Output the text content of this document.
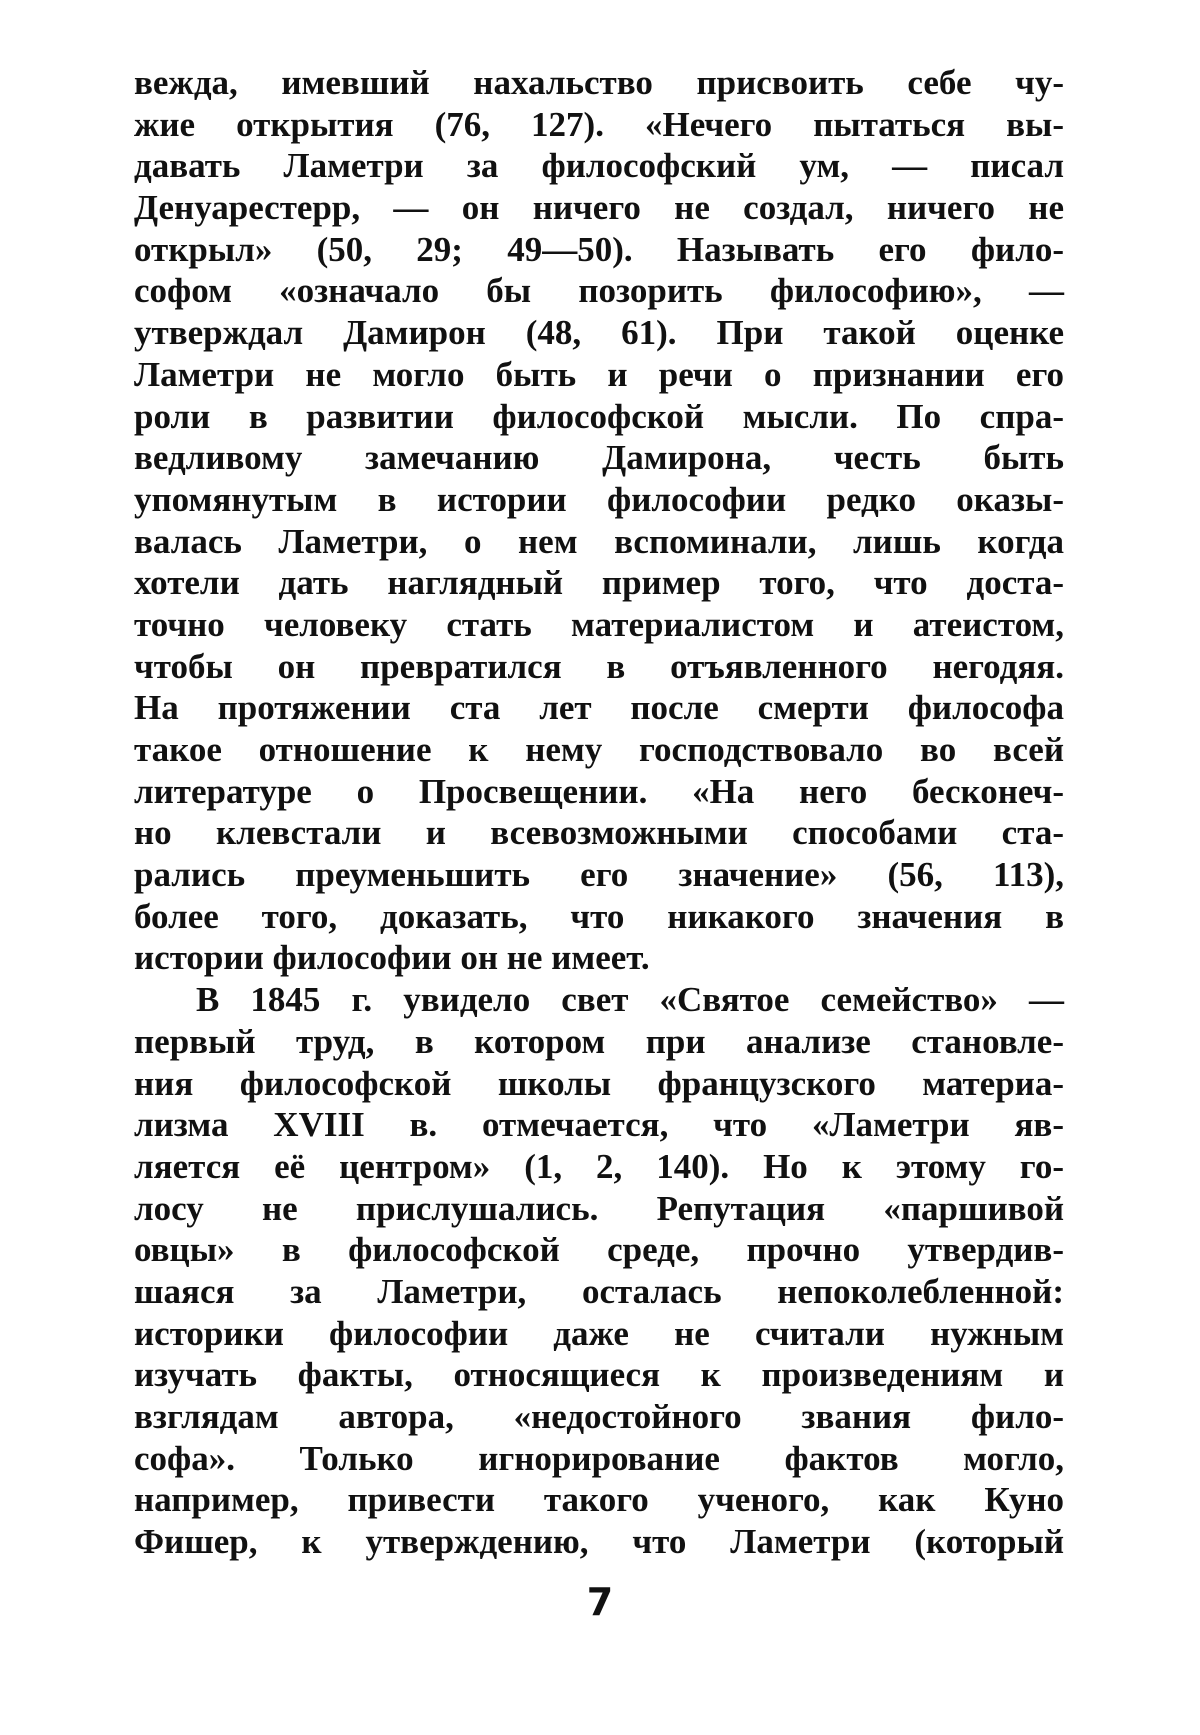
вежда, имевший нахальство присвоить себе чу-
жие открытия (76, 127). «Нечего пытаться вы-
давать Ламетри за философский ум, — писал
Денуарестерр, — он ничего не создал, ничего не
открыл» (50, 29; 49—50). Называть его фило-
софом «означало бы позорить философию», —
утверждал Дамирон (48, 61). При такой оценке
Ламетри не могло быть и речи о признании его
роли в развитии философской мысли. По спра-
ведливому замечанию Дамирона, честь быть
упомянутым в истории философии редко оказы-
валась Ламетри, о нем вспоминали, лишь когда
хотели дать наглядный пример того, что доста-
точно человеку стать материалистом и атеистом,
чтобы он превратился в отъявленного негодяя.
На протяжении ста лет после смерти философа
такое отношение к нему господствовало во всей
литературе о Просвещении. «На него бесконеч-
но клевстали и всевозможными способами ста-
рались преуменьшить его значение» (56, 113),
более того, доказать, что никакого значения в
истории философии он не имеет.
В 1845 г. увидело свет «Святое семейство» —
первый труд, в котором при анализе становле-
ния философской школы французского материа-
лизма XVIII в. отмечается, что «Ламетри яв-
ляется её центром» (1, 2, 140). Но к этому го-
лосу не прислушались. Репутация «паршивой
овцы» в философской среде, прочно утвердив-
шаяся за Ламетри, осталась непоколебленной:
историки философии даже не считали нужным
изучать факты, относящиеся к произведениям и
взглядам автора, «недостойного звания фило-
софа». Только игнорирование фактов могло,
например, привести такого ученого, как Куно
Фишер, к утверждению, что Ламетри (который
7
